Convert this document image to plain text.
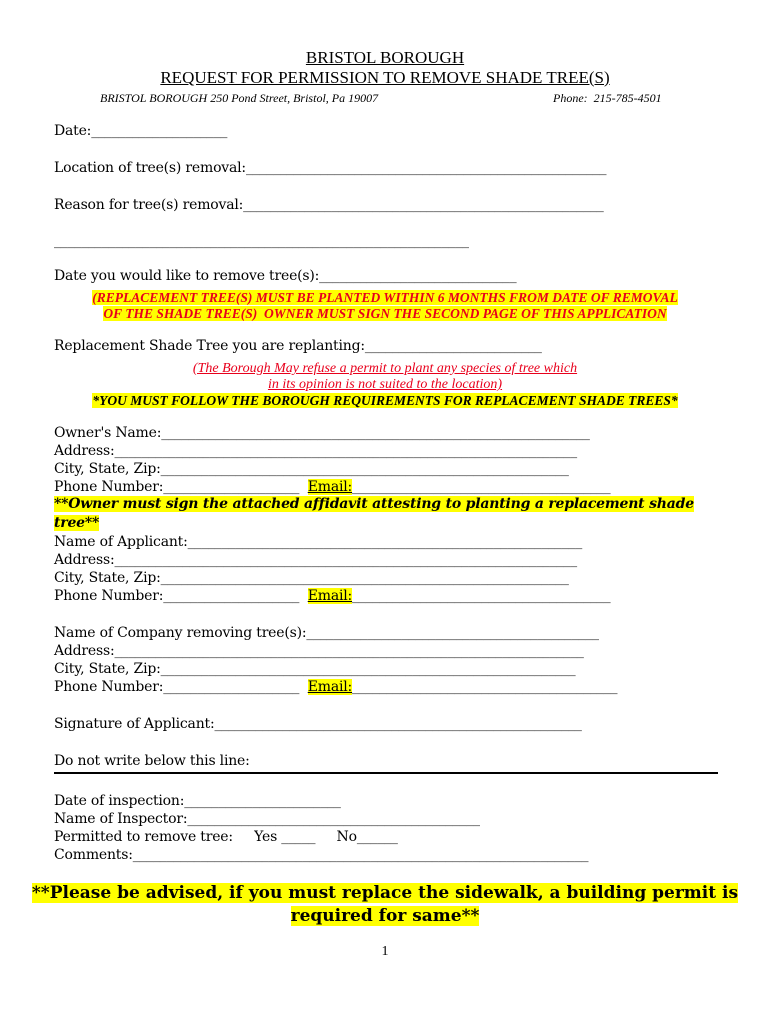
BRISTOL BOROUGH
REQUEST FOR PERMISSION TO REMOVE SHADE TREE(S)
BRISTOL BOROUGH 250 Pond Street, Bristol, Pa 19007	Phone:  215-785-4501
Date:____________________
Location of tree(s) removal:_____________________________________________________
Reason for tree(s) removal:_____________________________________________________
_____________________________________________________________
Date you would like to remove tree(s):_____________________________
(REPLACEMENT TREE(S) MUST BE PLANTED WITHIN 6 MONTHS FROM DATE OF REMOVAL
OF THE SHADE TREE(S)  OWNER MUST SIGN THE SECOND PAGE OF THIS APPLICATION
Replacement Shade Tree you are replanting:__________________________
(The Borough May refuse a permit to plant any species of tree which
in its opinion is not suited to the location)
*YOU MUST FOLLOW THE BOROUGH REQUIREMENTS FOR REPLACEMENT SHADE TREES*
Owner's Name:_______________________________________________________________
Address:____________________________________________________________________
City, State, Zip:____________________________________________________________
Phone Number:____________________  Email:______________________________________
**Owner must sign the attached affidavit attesting to planting a replacement shade
tree**
Name of Applicant:__________________________________________________________
Address:____________________________________________________________________
City, State, Zip:____________________________________________________________
Phone Number:____________________  Email:______________________________________
Name of Company removing tree(s):___________________________________________
Address:_____________________________________________________________________
City, State, Zip:_____________________________________________________________
Phone Number:____________________  Email:_______________________________________
Signature of Applicant:______________________________________________________
Do not write below this line:
Date of inspection:_______________________
Name of Inspector:___________________________________________
Permitted to remove tree:     Yes _____     No______
Comments:___________________________________________________________________
**Please be advised, if you must replace the sidewalk, a building permit is
required for same**
1
